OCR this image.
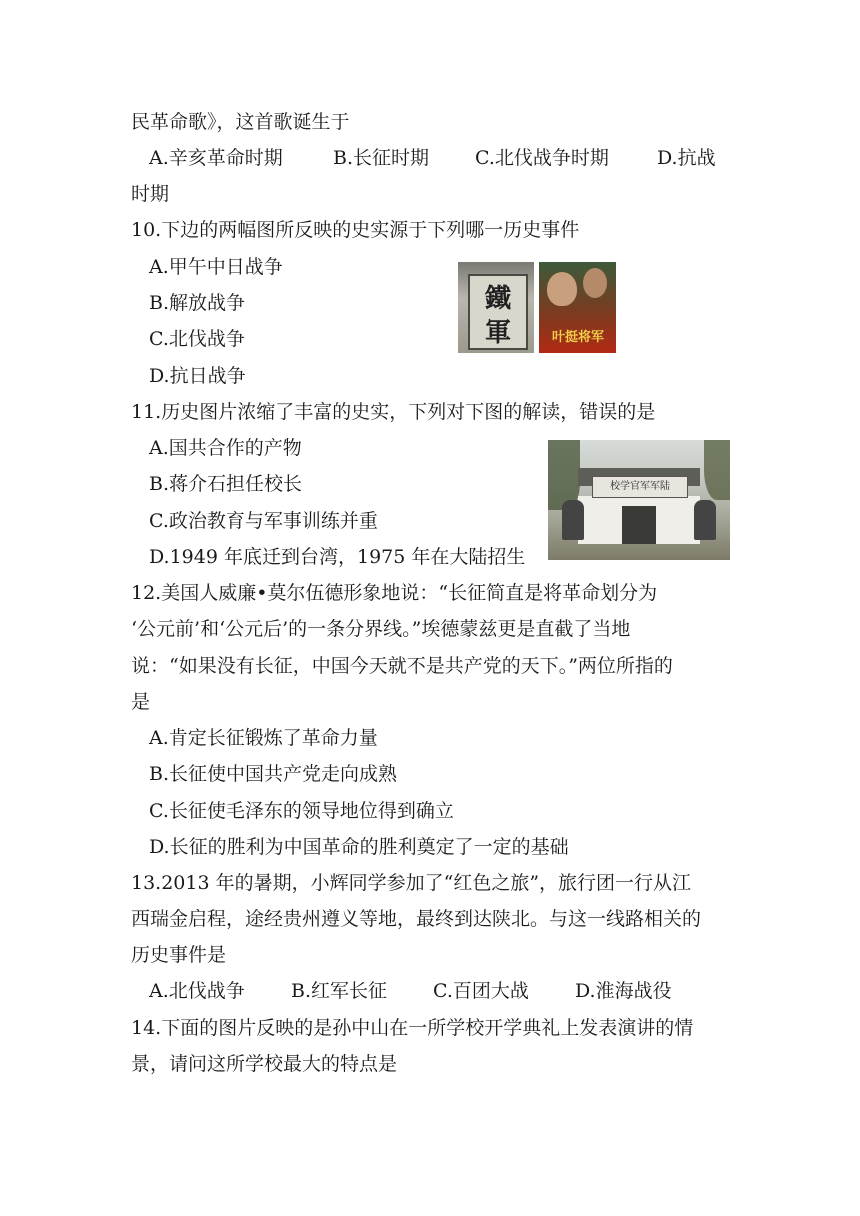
民革命歌》，这首歌诞生于
A.辛亥革命时期	B.长征时期 C.北伐战争时期	D.抗战
时期
10.下边的两幅图所反映的史实源于下列哪一历史事件
A.甲午中日战争
B.解放战争
C.北伐战争
D.抗日战争
鐵
軍	叶挺将军
11.历史图片浓缩了丰富的史实，下列对下图的解读，错误的是
A.国共合作的产物
B.蒋介石担任校长
C.政治教育与军事训练并重
D.1949 年底迁到台湾，1975 年在大陆招生
校学官军军陆
12.美国人威廉•莫尔伍德形象地说：“长征简直是将革命划分为
‘公元前’和‘公元后’的一条分界线。”埃德蒙兹更是直截了当地
说：“如果没有长征，中国今天就不是共产党的天下。”两位所指的
是
A.肯定长征锻炼了革命力量
B.长征使中国共产党走向成熟
C.长征使毛泽东的领导地位得到确立
D.长征的胜利为中国革命的胜利奠定了一定的基础
13.2013 年的暑期，小辉同学参加了“红色之旅”，旅行团一行从江
西瑞金启程，途经贵州遵义等地，最终到达陕北。与这一线路相关的
历史事件是
A.北伐战争 B.红军长征 C.百团大战 D.淮海战役
14.下面的图片反映的是孙中山在一所学校开学典礼上发表演讲的情
景，请问这所学校最大的特点是
